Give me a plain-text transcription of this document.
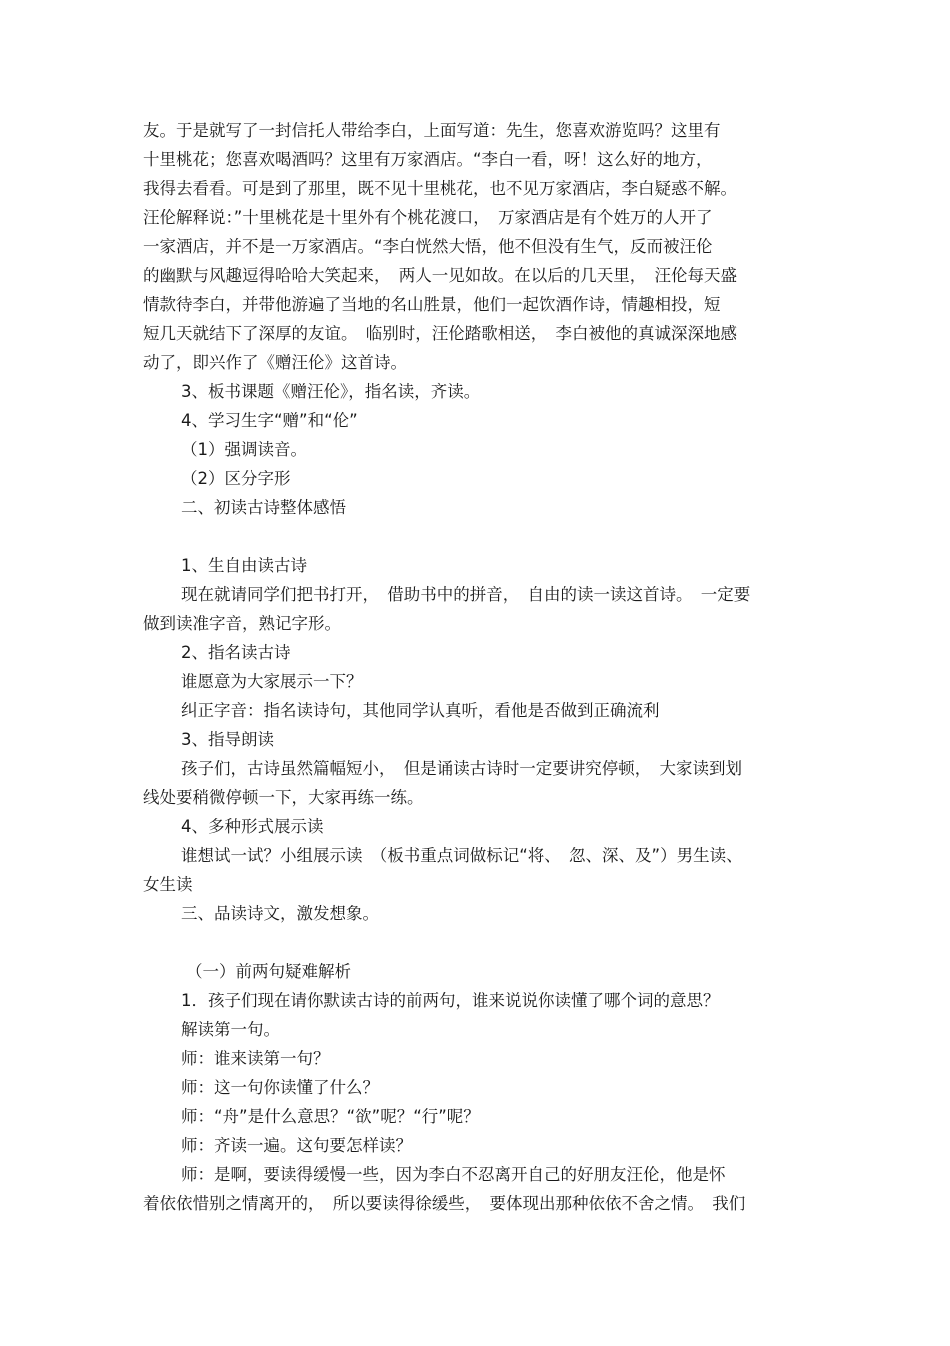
友。于是就写了一封信托人带给李白，上面写道：先生，您喜欢游览吗？这里有
十里桃花；您喜欢喝酒吗？这里有万家酒店。“李白一看，呀！这么好的地方，
我得去看看。可是到了那里，既不见十里桃花，也不见万家酒店，李白疑惑不解。
汪伦解释说：”十里桃花是十里外有个桃花渡口，　万家酒店是有个姓万的人开了
一家酒店，并不是一万家酒店。“李白恍然大悟，他不但没有生气，反而被汪伦
的幽默与风趣逗得哈哈大笑起来，　两人一见如故。在以后的几天里，　汪伦每天盛
情款待李白，并带他游遍了当地的名山胜景，他们一起饮酒作诗，情趣相投，短
短几天就结下了深厚的友谊。　临别时，汪伦踏歌相送，　李白被他的真诚深深地感
动了，即兴作了《赠汪伦》这首诗。
3、板书课题《赠汪伦》，指名读，齐读。
4、学习生字“赠”和“伦”
（1）强调读音。
（2）区分字形
二、初读古诗整体感悟
1、生自由读古诗
现在就请同学们把书打开，　借助书中的拼音，　自由的读一读这首诗。　一定要
做到读准字音，熟记字形。
2、指名读古诗
谁愿意为大家展示一下？
纠正字音：指名读诗句，其他同学认真听，看他是否做到正确流利
3、指导朗读
孩子们，古诗虽然篇幅短小，　但是诵读古诗时一定要讲究停顿，　大家读到划
线处要稍微停顿一下，大家再练一练。
4、多种形式展示读
谁想试一试？小组展示读　（板书重点词做标记“将、　忽、深、及”）男生读、
女生读
三、品读诗文，激发想象。
（一）前两句疑难解析
1．孩子们现在请你默读古诗的前两句，谁来说说你读懂了哪个词的意思？
解读第一句。
师：谁来读第一句？
师：这一句你读懂了什么？
师：“舟”是什么意思？“欲”呢？“行”呢？
师：齐读一遍。这句要怎样读？
师：是啊，要读得缓慢一些，因为李白不忍离开自己的好朋友汪伦，他是怀
着依依惜别之情离开的，　所以要读得徐缓些，　要体现出那种依依不舍之情。　我们
